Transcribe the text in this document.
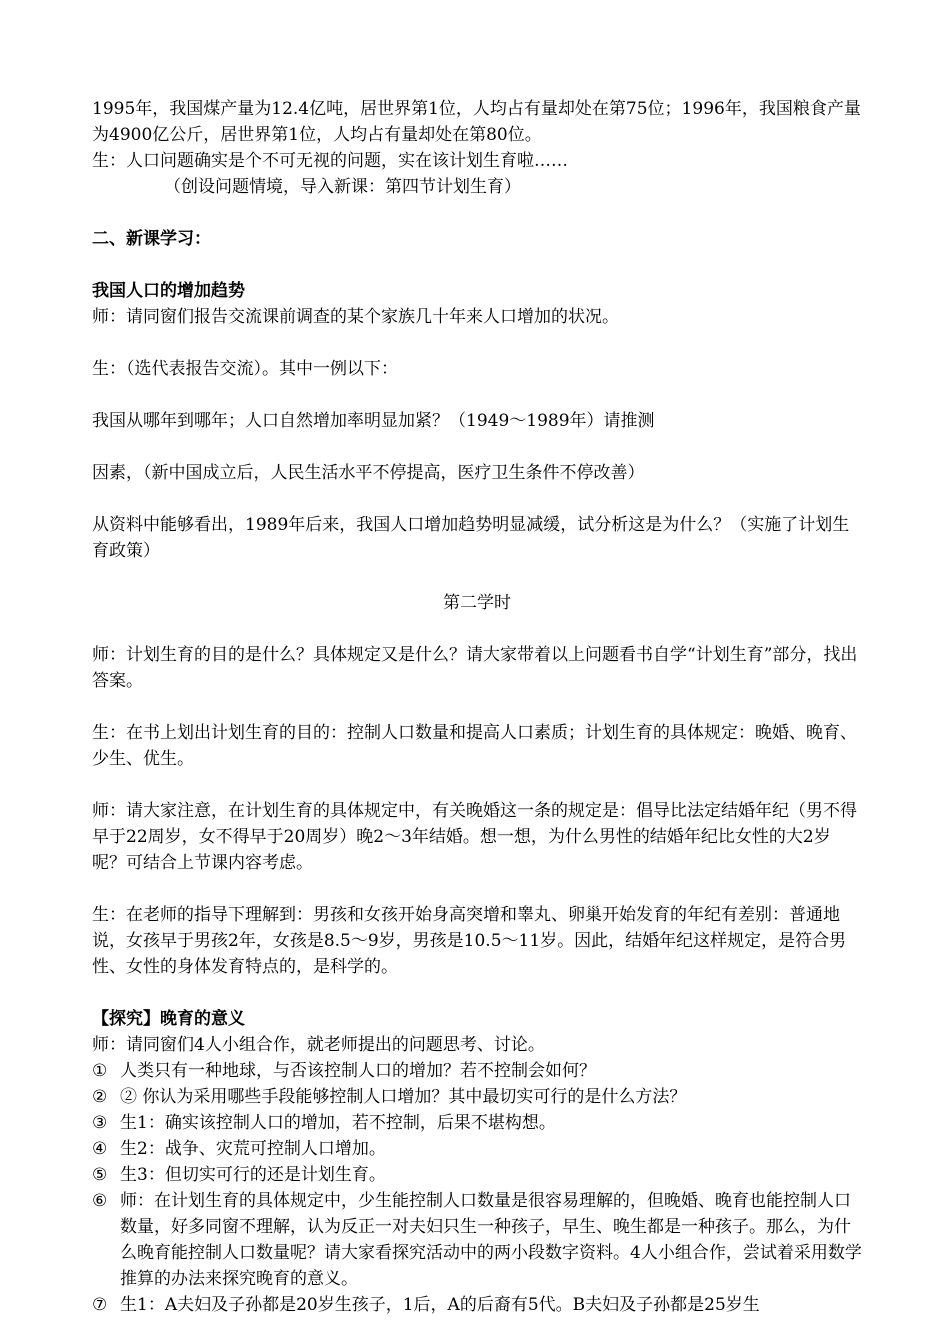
1995年，我国煤产量为12.4亿吨，居世界第1位，人均占有量却处在第75位；1996年，我国粮食产量为4900亿公斤，居世界第1位，人均占有量却处在第80位。

生：人口问题确实是个不可无视的问题，实在该计划生育啦……

（创设问题情境，导入新课：第四节计划生育）

二、新课学习：

我国人口的增加趋势

师：请同窗们报告交流课前调查的某个家族几十年来人口增加的状况。

生：（选代表报告交流）。其中一例以下：

我国从哪年到哪年；人口自然增加率明显加紧？（1949～1989年）请推测

因素，（新中国成立后，人民生活水平不停提高，医疗卫生条件不停改善）

从资料中能够看出，1989年后来，我国人口增加趋势明显减缓，试分析这是为什么？（实施了计划生育政策）

第二学时

师：计划生育的目的是什么？具体规定又是什么？请大家带着以上问题看书自学“计划生育”部分，找出答案。

生：在书上划出计划生育的目的：控制人口数量和提高人口素质；计划生育的具体规定：晚婚、晚育、少生、优生。

师：请大家注意，在计划生育的具体规定中，有关晚婚这一条的规定是：倡导比法定结婚年纪（男不得早于22周岁，女不得早于20周岁）晚2～3年结婚。想一想，为什么男性的结婚年纪比女性的大2岁呢？可结合上节课内容考虑。

生：在老师的指导下理解到：男孩和女孩开始身高突增和睾丸、卵巢开始发育的年纪有差别：普通地说，女孩早于男孩2年，女孩是8.5～9岁，男孩是10.5～11岁。因此，结婚年纪这样规定，是符合男性、女性的身体发育特点的，是科学的。

【探究】晚育的意义

师：请同窗们4人小组合作，就老师提出的问题思考、讨论。

① 人类只有一种地球，与否该控制人口的增加？若不控制会如何？
② ② 你认为采用哪些手段能够控制人口增加？其中最切实可行的是什么方法？
③ 生1：确实该控制人口的增加，若不控制，后果不堪构想。
④ 生2：战争、灾荒可控制人口增加。
⑤ 生3：但切实可行的还是计划生育。
⑥ 师：在计划生育的具体规定中，少生能控制人口数量是很容易理解的，但晚婚、晚育也能控制人口数量，好多同窗不理解，认为反正一对夫妇只生一种孩子，早生、晚生都是一种孩子。那么，为什么晚育能控制人口数量呢？请大家看探究活动中的两小段数字资料。4人小组合作，尝试着采用数学推算的办法来探究晚育的意义。
⑦ 生1：A夫妇及子孙都是20岁生孩子，1后，A的后裔有5代。B夫妇及子孙都是25岁生
